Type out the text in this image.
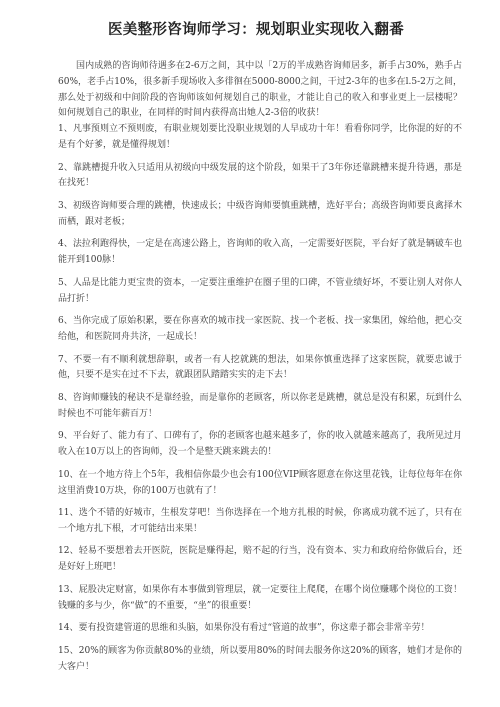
医美整形咨询师学习：规划职业实现收入翻番

国内成熟的咨询师待遇多在2-6万之间，其中以「2万的半成熟咨询师居多，新手占30%，熟手占60%，老手占10%，很多新手现场收入多徘徊在5000-8000之间，干过2-3年的也多在l.5-2万之间，那么处于初级和中间阶段的咨询师该如何规划自己的职业，才能让自己的收入和事业更上一层楼呢？如何规划自己的职业，在同样的时间内获得高出她人2-3倍的收获！

1、凡事预则立不预则废，有职业规划要比没职业规划的人早成功十年！看看你同学，比你混的好的不是有个好爹，就是懂得规划！

2、靠跳槽提升收入只适用从初级向中级发展的这个阶段，如果干了3年你还靠跳槽来提升待遇，那是在找死！

3、初级咨询师要合理的跳槽，快速成长；中级咨询师要慎重跳槽，选好平台；高级咨询师要良禽择木而栖，跟对老板；

4、法拉利跑得快，一定是在高速公路上，咨询师的收入高，一定需要好医院，平台好了就是辆破车也能开到100脉！

5、人品是比能力更宝贵的资本，一定要注重维护在圈子里的口碑，不管业绩好坏，不要让别人对你人品打折！

6、当你完成了原始积累，要在你喜欢的城市找一家医院、找一个老板、找一家集团，嫁给他，把心交给他，和医院同舟共济，一起成长！

7、不要一有不顺利就想辞职，或者一有人挖就跳的想法，如果你慎重选择了这家医院，就要忠诚于他，只要不是实在过不下去，就跟团队踏踏实实的走下去！

8、咨询师赚钱的秘诀不是靠经验，而是靠你的老顾客，所以你老是跳槽，就总是没有积累，玩到什么时候也不可能年薪百万！

9、平台好了、能力有了、口碑有了，你的老顾客也越来越多了，你的收入就越来越高了，我所见过月收入在10万以上的咨询师，没一个是整天跳来跳去的！

10、在一个地方待上个5年，我相信你最少也会有100位VIP顾客愿意在你这里花钱，让每位每年在你这里消费10万块，你的100万也就有了！

11、选个不错的好城市，生根发芽吧！当你选择在一个地方扎根的时候，你离成功就不远了，只有在一个地方扎下根，才可能结出来果！

12、轻易不要想着去开医院，医院是赚得起，赔不起的行当，没有资本、实力和政府给你做后台，还是好好上班吧！

13、屁股决定财富，如果你有本事做到管理层，就一定要往上爬爬，在哪个岗位赚哪个岗位的工资！钱赚的多与少，你“做”的不重要，“坐”的很重要！

14、要有投资建管道的思维和头脑，如果你没有看过“管道的故事”，你这辈子都会非常辛劳！

15、20%的顾客为你贡献80%的业绩，所以要用80%的时间去服务你这20%的顾客，她们才是你的大客户！
